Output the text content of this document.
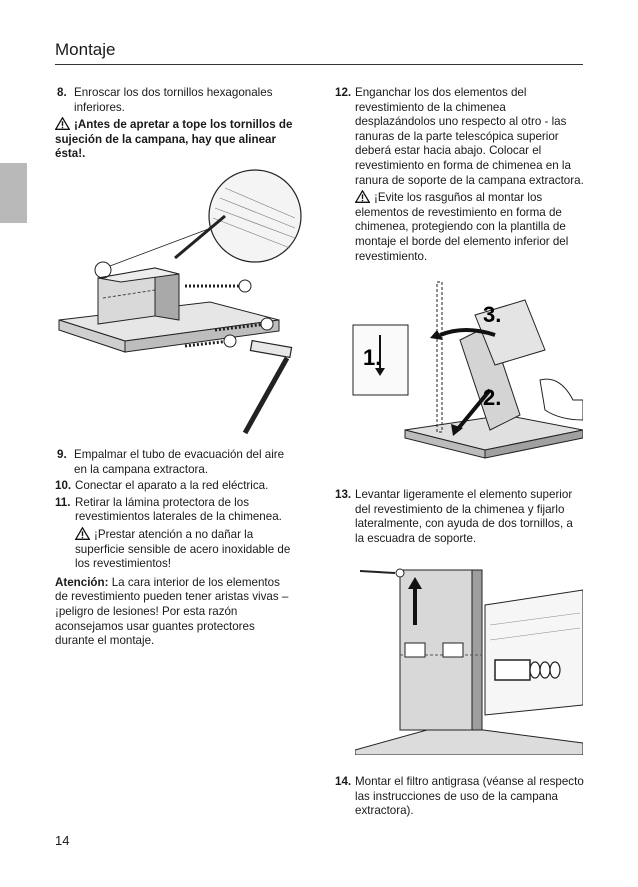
Montaje
8. Enroscar los dos tornillos hexagonales inferiores.
¡Antes de apretar a tope los tornillos de sujeción de la campana, hay que alinear ésta!.
9. Empalmar el tubo de evacuación del aire en la campana extractora.
10. Conectar el aparato a la red eléctrica.
11. Retirar la lámina protectora de los revestimientos laterales de la chimenea.
¡Prestar atención a no dañar la superficie sensible de acero inoxidable de los revestimientos!
Atención: La cara interior de los elementos de revestimiento pueden tener aristas vivas – ¡peligro de lesiones! Por esta razón aconsejamos usar guantes protectores durante el montaje.
12. Enganchar los dos elementos del revestimiento de la chimenea desplazándolos uno respecto al otro - las ranuras de la parte telescópica superior deberá estar hacia abajo. Colocar el revestimiento en forma de chimenea en la ranura de soporte de la campana extractora.
¡Evite los rasguños al montar los elementos de revestimiento en forma de chimenea, protegiendo con la plantilla de montaje el borde del elemento inferior del revestimiento.
3.
1.
2.
13. Levantar ligeramente el elemento superior del revestimiento de la chimenea y fijarlo lateralmente, con ayuda de dos tornillos, a la escuadra de soporte.
14. Montar el filtro antigrasa (véanse al respecto las instrucciones de uso de la campana extractora).
14
